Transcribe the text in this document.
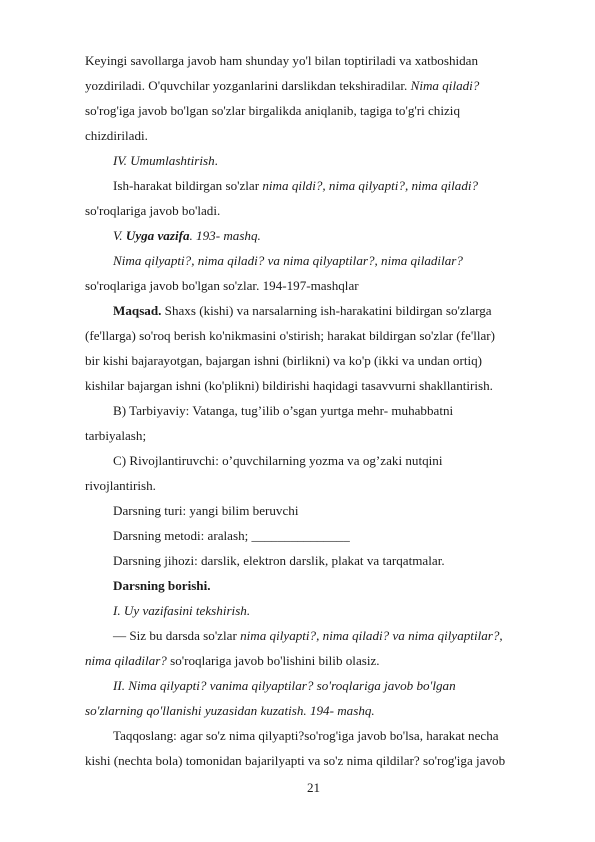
Keyingi savollarga javob ham shunday yo'l bilan toptiriladi va xatboshidan
yozdiriladi. O'quvchilar yozganlarini darslikdan tekshiradilar. Nima qiladi?
so'rog'iga javob bo'lgan so'zlar birgalikda aniqlanib, tagiga to'g'ri chiziq
chizdiriladi.
IV. Umumlashtirish.
Ish-harakat bildirgan so'zlar nima qildi?, nima qilyapti?, nima qiladi?
so'roqlariga javob bo'ladi.
V. Uyga vazifa. 193- mashq.
Nima qilyapti?, nima qiladi? va nima qilyaptilar?, nima qiladilar?
so'roqlariga javob bo'lgan so'zlar. 194-197-mashqlar
Maqsad. Shaxs (kishi) va narsalarning ish-harakatini bildirgan so'zlarga
(fe'llarga) so'roq berish ko'nikmasini o'stirish; harakat bildirgan so'zlar (fe'llar)
bir kishi bajarayotgan, bajargan ishni (birlikni) va ko'p (ikki va undan ortiq)
kishilar bajargan ishni (ko'plikni) bildirishi haqidagi tasavvurni shakllantirish.
B) Tarbiyaviy: Vatanga, tug’ilib o’sgan yurtga mehr- muhabbatni
tarbiyalash;
C) Rivojlantiruvchi: o’quvchilarning yozma va og’zaki nutqini
rivojlantirish.
Darsning turi: yangi bilim beruvchi
Darsning metodi: aralash; _______________
Darsning jihozi: darslik, elektron darslik, plakat va tarqatmalar.
Darsning borishi.
I. Uy vazifasini tekshirish.
— Siz bu darsda so'zlar nima qilyapti?, nima qiladi? va nima qilyaptilar?,
nima qiladilar? so'roqlariga javob bo'lishini bilib olasiz.
II. Nima qilyapti? vanima qilyaptilar? so'roqlariga javob bo'lgan
so'zlarning qo'llanishi yuzasidan kuzatish. 194- mashq.
Taqqoslang: agar so'z nima qilyapti?so'rog'iga javob bo'lsa, harakat necha
kishi (nechta bola) tomonidan bajarilyapti va so'z nima qildilar? so'rog'iga javob
21
